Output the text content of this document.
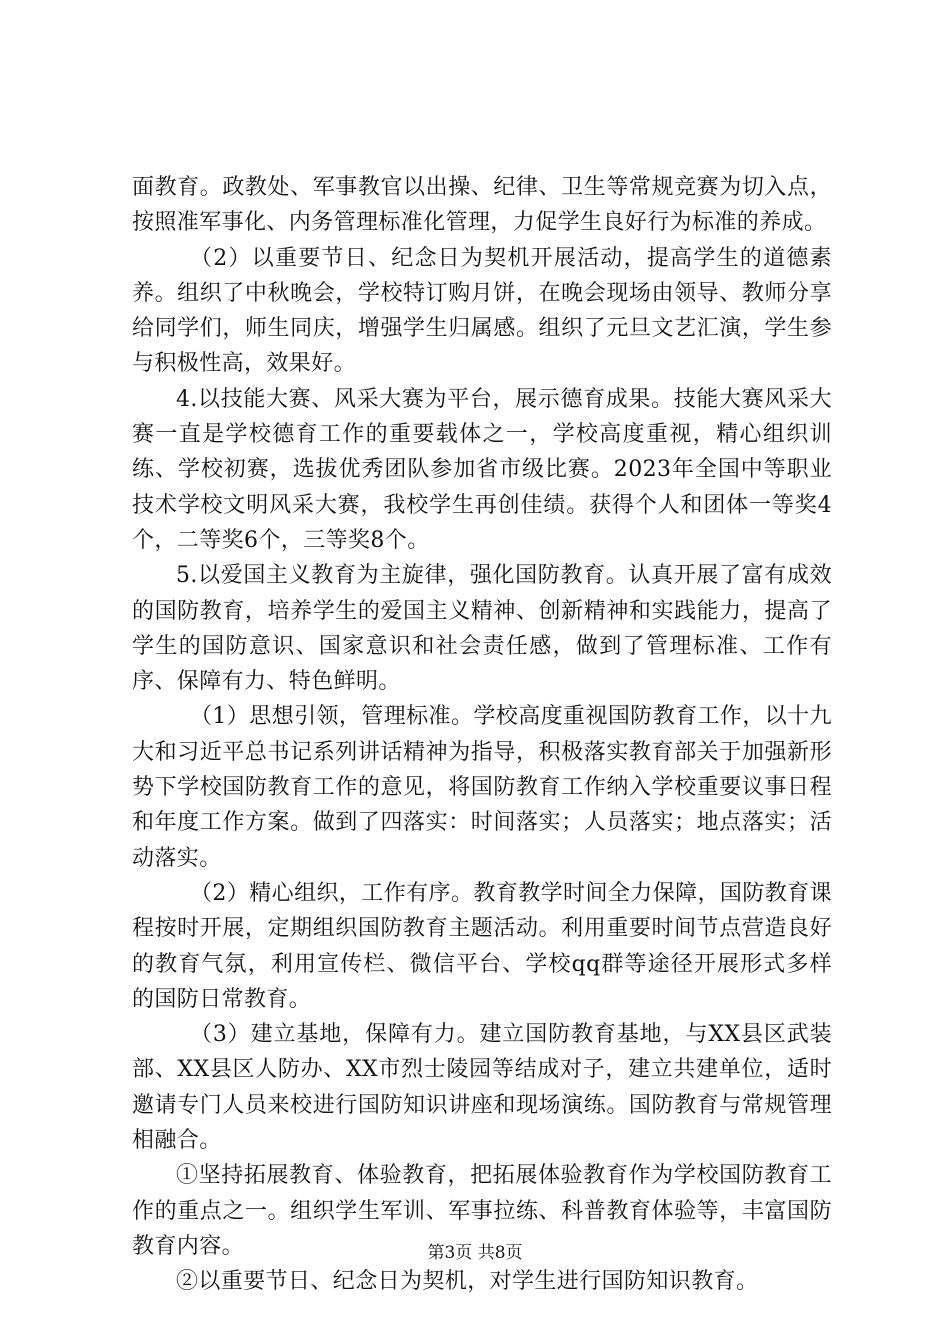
面教育。政教处、军事教官以出操、纪律、卫生等常规竞赛为切入点，按照准军事化、内务管理标准化管理，力促学生良好行为标准的养成。

（2）以重要节日、纪念日为契机开展活动，提高学生的道德素养。组织了中秋晚会，学校特订购月饼，在晚会现场由领导、教师分享给同学们，师生同庆，增强学生归属感。组织了元旦文艺汇演，学生参与积极性高，效果好。

4.以技能大赛、风采大赛为平台，展示德育成果。技能大赛风采大赛一直是学校德育工作的重要载体之一，学校高度重视，精心组织训练、学校初赛，选拔优秀团队参加省市级比赛。2023年全国中等职业技术学校文明风采大赛，我校学生再创佳绩。获得个人和团体一等奖4个，二等奖6个，三等奖8个。

5.以爱国主义教育为主旋律，强化国防教育。认真开展了富有成效的国防教育，培养学生的爱国主义精神、创新精神和实践能力，提高了学生的国防意识、国家意识和社会责任感，做到了管理标准、工作有序、保障有力、特色鲜明。

（1）思想引领，管理标准。学校高度重视国防教育工作，以十九大和习近平总书记系列讲话精神为指导，积极落实教育部关于加强新形势下学校国防教育工作的意见，将国防教育工作纳入学校重要议事日程和年度工作方案。做到了四落实：时间落实；人员落实；地点落实；活动落实。

（2）精心组织，工作有序。教育教学时间全力保障，国防教育课程按时开展，定期组织国防教育主题活动。利用重要时间节点营造良好的教育气氛，利用宣传栏、微信平台、学校qq群等途径开展形式多样的国防日常教育。

（3）建立基地，保障有力。建立国防教育基地，与XX县区武装部、XX县区人防办、XX市烈士陵园等结成对子，建立共建单位，适时邀请专门人员来校进行国防知识讲座和现场演练。国防教育与常规管理相融合。

①坚持拓展教育、体验教育，把拓展体验教育作为学校国防教育工作的重点之一。组织学生军训、军事拉练、科普教育体验等，丰富国防教育内容。

②以重要节日、纪念日为契机，对学生进行国防知识教育。

第3页 共8页
